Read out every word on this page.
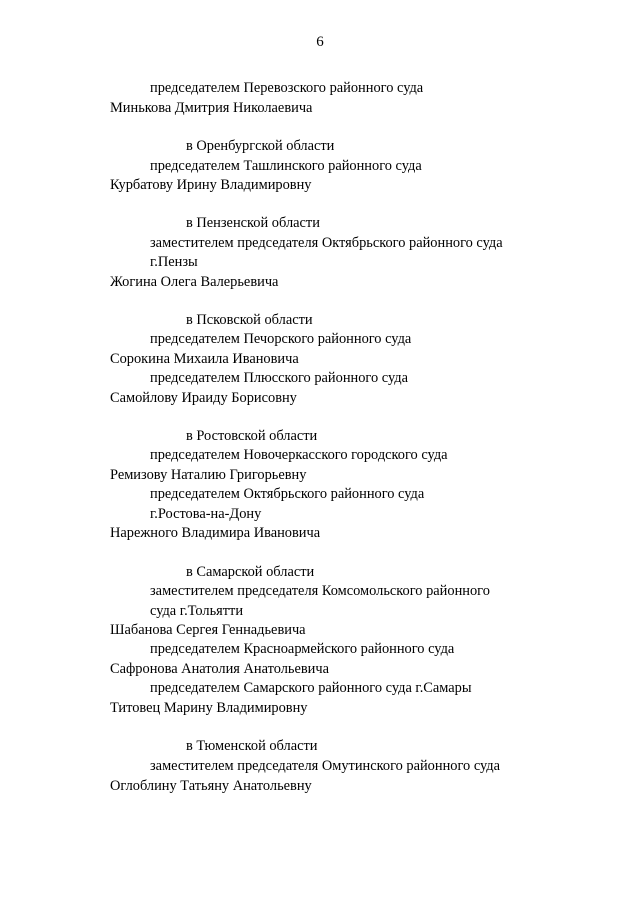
6
председателем Перевозского районного суда
Минькова Дмитрия Николаевича
в Оренбургской области
председателем Ташлинского районного суда
Курбатову Ирину Владимировну
в Пензенской области
заместителем председателя Октябрьского районного суда
г.Пензы
Жогина Олега Валерьевича
в Псковской области
председателем Печорского районного суда
Сорокина Михаила Ивановича
председателем Плюсского районного суда
Самойлову Ираиду Борисовну
в Ростовской области
председателем Новочеркасского городского суда
Ремизову Наталию Григорьевну
председателем Октябрьского районного суда
г.Ростова-на-Дону
Нарежного Владимира Ивановича
в Самарской области
заместителем председателя Комсомольского районного
суда г.Тольятти
Шабанова Сергея Геннадьевича
председателем Красноармейского районного суда
Сафронова Анатолия Анатольевича
председателем Самарского районного суда г.Самары
Титовец Марину Владимировну
в Тюменской области
заместителем председателя Омутинского районного суда
Оглоблину Татьяну Анатольевну
